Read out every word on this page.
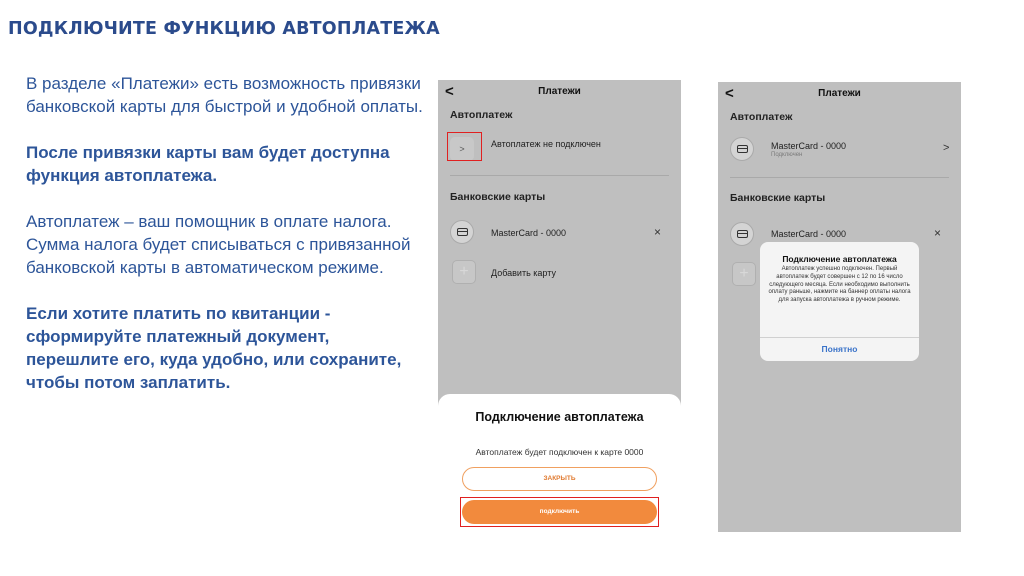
ПОДКЛЮЧИТЕ ФУНКЦИЮ АВТОПЛАТЕЖА

В разделе «Платежи» есть возможность привязки банковской карты для быстрой и удобной оплаты.

После привязки карты вам будет доступна функция автоплатежа.

Автоплатеж – ваш помощник в оплате налога. Сумма налога будет списываться с привязанной банковской карты в автоматическом режиме.

Если хотите платить по квитанции - сформируйте платежный документ, перешлите его, куда удобно, или сохраните, чтобы потом заплатить.

<	Платежи
Автоплатеж
>	Автоплатеж не подключен
Банковские карты
MasterCard - 0000	×
+	Добавить карту
Подключение автоплатежа
Автоплатеж будет подключен к карте 0000
ЗАКРЫТЬ
подключить
<	Платежи
Автоплатеж
MasterCard - 0000
Подключен
>
Банковские карты
MasterCard - 0000	×
+
Подключение автоплатежа
Автоплатеж успешно подключен. Первый автоплатеж будет совершен с 12 по 16 число следующего месяца. Если необходимо выполнить оплату раньше, нажмите на баннер оплаты налога для запуска автоплатежа в ручном режиме.
Понятно
